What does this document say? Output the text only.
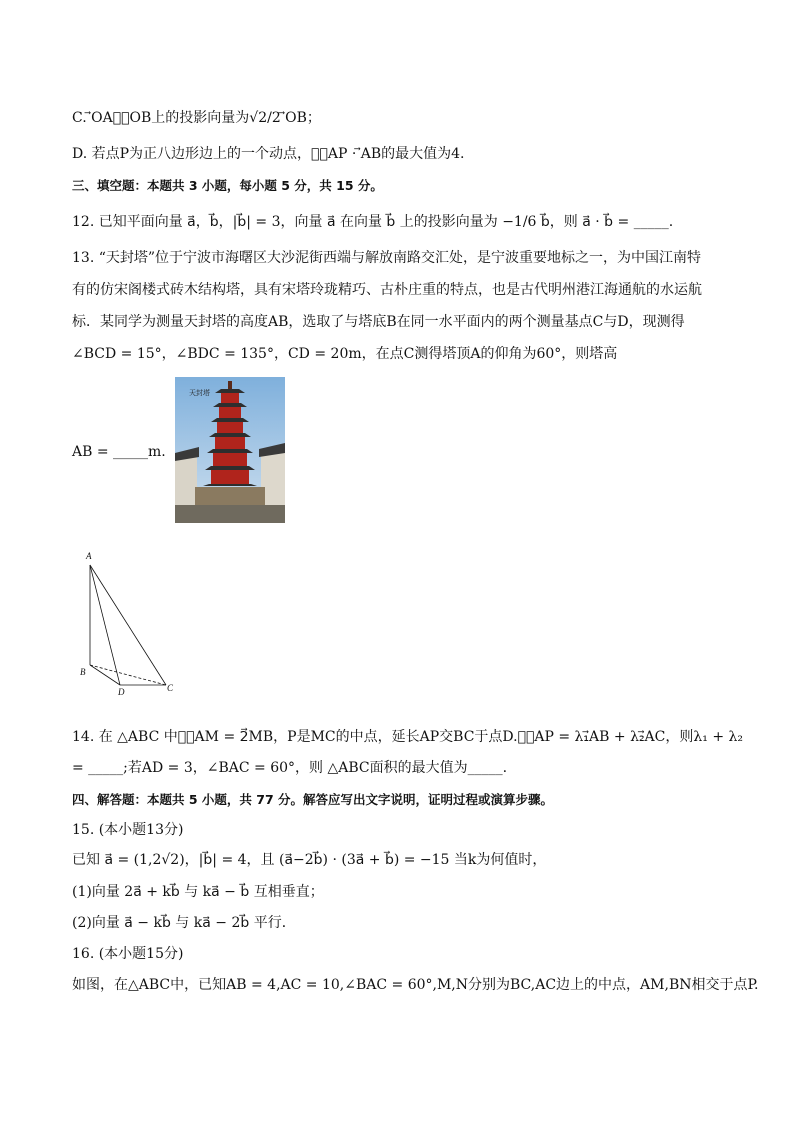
C. ⃗OA在⃗OB上的投影向量为√2/2 ⃗OB；
D. 若点P为正八边形边上的一个动点，则⃗AP · ⃗AB的最大值为4.
三、填空题：本题共 3 小题，每小题 5 分，共 15 分。
12. 已知平面向量 a⃗，b⃗，|b⃗| = 3，向量 a⃗ 在向量 b⃗ 上的投影向量为 −1/6 b⃗，则 a⃗ · b⃗ = _____.
13. “天封塔”位于宁波市海曙区大沙泥街西端与解放南路交汇处，是宁波重要地标之一，为中国江南特
有的仿宋阁楼式砖木结构塔，具有宋塔玲珑精巧、古朴庄重的特点，也是古代明州港江海通航的水运航
标．某同学为测量天封塔的高度AB，选取了与塔底B在同一水平面内的两个测量基点C与D，现测得
∠BCD = 15°，∠BDC = 135°，CD = 20m，在点C测得塔顶A的仰角为60°，则塔高
AB = _____m.
天封塔
A
B
D	C
14. 在 △ABC 中，⃗AM = 2⃗MB，P是MC的中点，延长AP交BC于点D.若⃗AP = λ₁⃗AB + λ₂⃗AC，则λ₁ + λ₂
= _____;若AD = 3，∠BAC = 60°，则 △ABC面积的最大值为_____.
四、解答题：本题共 5 小题，共 77 分。解答应写出文字说明，证明过程或演算步骤。
15. (本小题13分)
已知 a⃗ = (1,2√2)，|b⃗| = 4，且 (a⃗−2b⃗) · (3a⃗ + b⃗) = −15 当k为何值时，
(1)向量 2a⃗ + kb⃗ 与 ka⃗ − b⃗ 互相垂直；
(2)向量 a⃗ − kb⃗ 与 ka⃗ − 2b⃗ 平行．
16. (本小题15分)
如图，在△ABC中，已知AB = 4,AC = 10,∠BAC = 60°,M,N分别为BC,AC边上的中点，AM,BN相交于点P.
